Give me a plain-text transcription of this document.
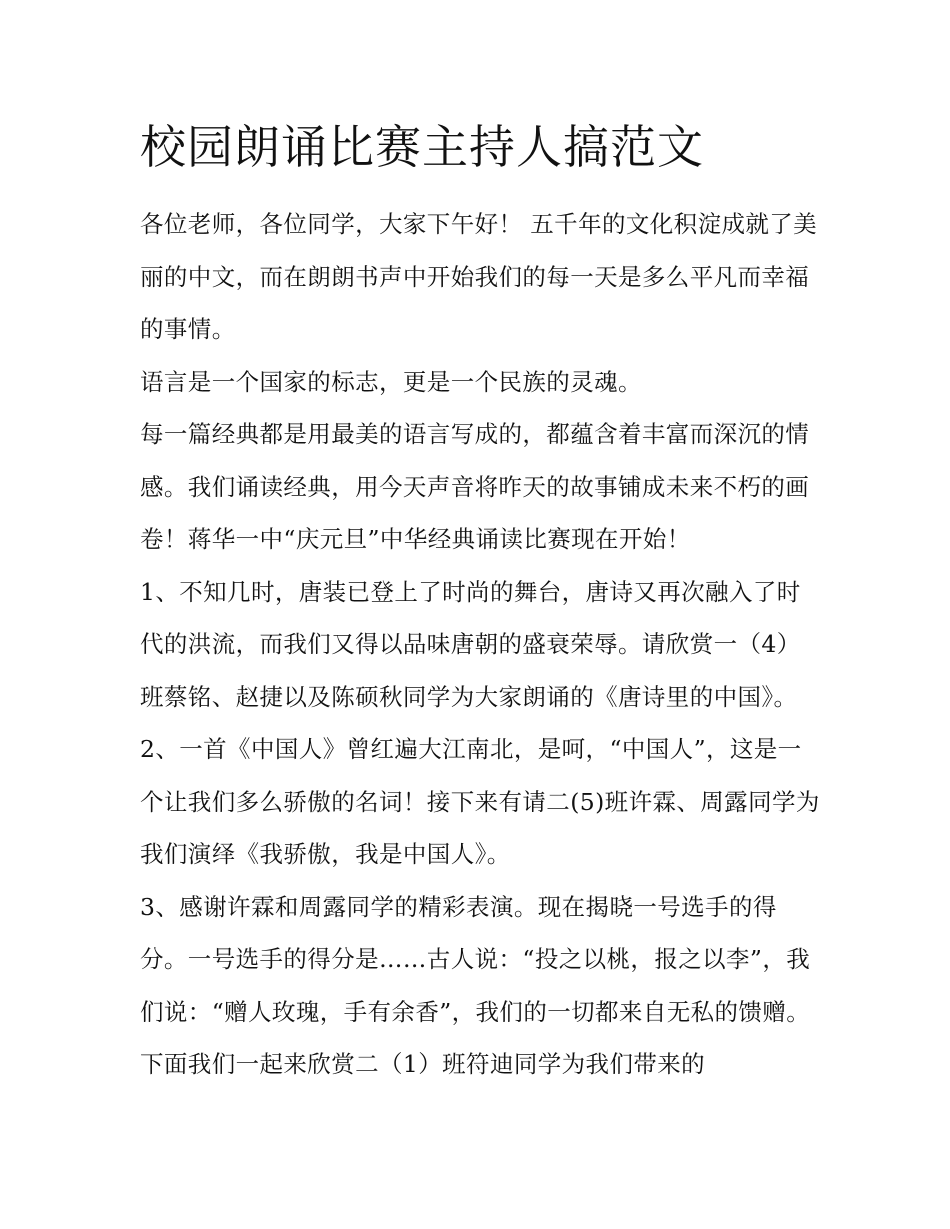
校园朗诵比赛主持人搞范文

各位老师，各位同学，大家下午好！ 五千年的文化积淀成就了美丽的中文，而在朗朗书声中开始我们的每一天是多么平凡而幸福的事情。

语言是一个国家的标志，更是一个民族的灵魂。

每一篇经典都是用最美的语言写成的，都蕴含着丰富而深沉的情感。我们诵读经典，用今天声音将昨天的故事铺成未来不朽的画卷！蒋华一中“庆元旦”中华经典诵读比赛现在开始！

1、不知几时，唐装已登上了时尚的舞台，唐诗又再次融入了时代的洪流，而我们又得以品味唐朝的盛衰荣辱。请欣赏一（4）班蔡铭、赵捷以及陈硕秋同学为大家朗诵的《唐诗里的中国》。

2、一首《中国人》曾红遍大江南北，是呵，“中国人”，这是一个让我们多么骄傲的名词！接下来有请二(5)班许霖、周露同学为我们演绎《我骄傲，我是中国人》。

3、感谢许霖和周露同学的精彩表演。现在揭晓一号选手的得分。一号选手的得分是……古人说：“投之以桃，报之以李”，我们说：“赠人玫瑰，手有余香”，我们的一切都来自无私的馈赠。下面我们一起来欣赏二（1）班符迪同学为我们带来的
